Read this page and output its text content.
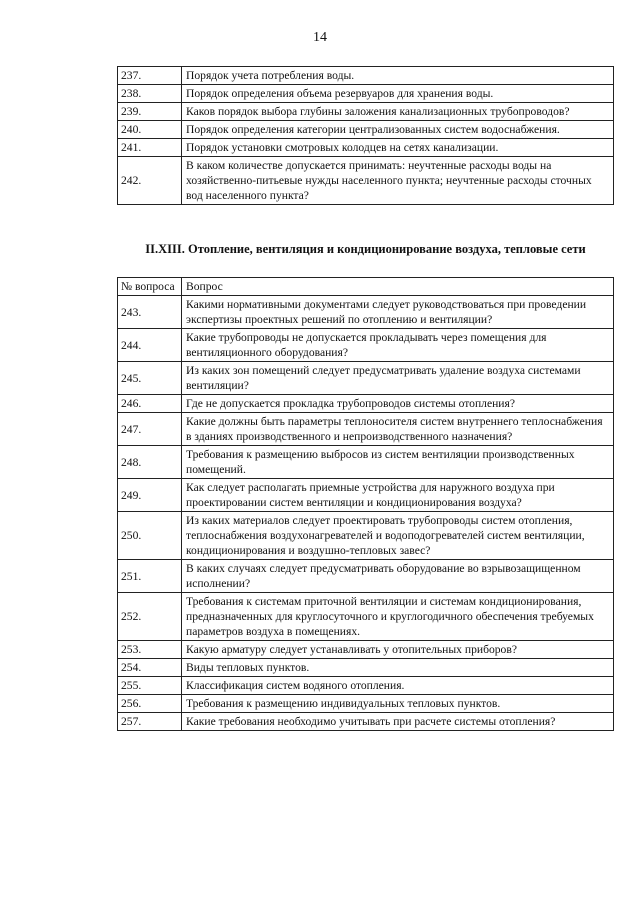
14
237.	Порядок учета потребления воды.
238.	Порядок определения объема резервуаров для хранения воды.
239.	Каков порядок выбора глубины заложения канализационных трубопроводов?
240.	Порядок определения категории централизованных систем водоснабжения.
241.	Порядок установки смотровых колодцев на сетях канализации.
242.	В каком количестве допускается принимать: неучтенные расходы воды на хозяйственно-питьевые нужды населенного пункта; неучтенные расходы сточных вод населенного пункта?
II.XIII. Отопление, вентиляция и кондиционирование воздуха, тепловые сети
№ вопроса	Вопрос
243.	Какими нормативными документами следует руководствоваться при проведении экспертизы проектных решений по отоплению и вентиляции?
244.	Какие трубопроводы не допускается прокладывать через помещения для вентиляционного оборудования?
245.	Из каких зон помещений следует предусматривать удаление воздуха системами вентиляции?
246.	Где не допускается прокладка трубопроводов системы отопления?
247.	Какие должны быть параметры теплоносителя систем внутреннего теплоснабжения в зданиях производственного и непроизводственного назначения?
248.	Требования к размещению выбросов из систем вентиляции производственных помещений.
249.	Как следует располагать приемные устройства для наружного воздуха при проектировании систем вентиляции и кондиционирования воздуха?
250.	Из каких материалов следует проектировать трубопроводы систем отопления, теплоснабжения воздухонагревателей и водоподогревателей систем вентиляции, кондиционирования и воздушно-тепловых завес?
251.	В каких случаях следует предусматривать оборудование во взрывозащищенном исполнении?
252.	Требования к системам приточной вентиляции и системам кондиционирования, предназначенных для круглосуточного и круглогодичного обеспечения требуемых параметров воздуха в помещениях.
253.	Какую арматуру следует устанавливать у отопительных приборов?
254.	Виды тепловых пунктов.
255.	Классификация систем водяного отопления.
256.	Требования к размещению индивидуальных тепловых пунктов.
257.	Какие требования необходимо учитывать при расчете системы отопления?
